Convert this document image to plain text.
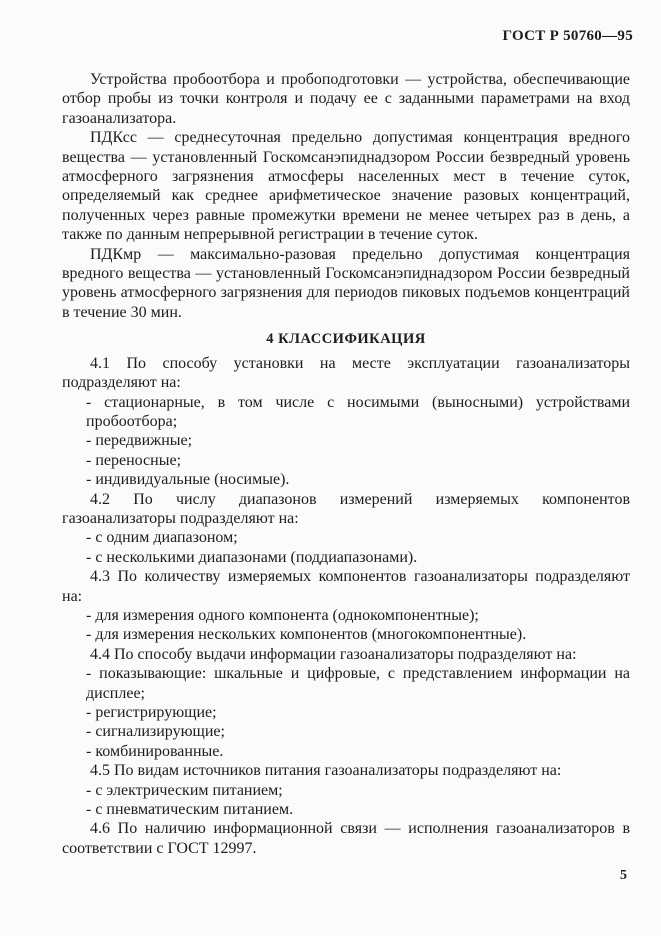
ГОСТ Р 50760—95

Устройства пробоотбора и пробоподготовки — устройства, обеспечивающие отбор пробы из точки контроля и подачу ее с заданными параметрами на вход газоанализатора.

ПДКсс — среднесуточная предельно допустимая концентрация вредного вещества — установленный Госкомсанэпиднадзором России безвредный уровень атмосферного загрязнения атмосферы населенных мест в течение суток, определяемый как среднее арифметическое значение разовых концентраций, полученных через равные промежутки времени не менее четырех раз в день, а также по данным непрерывной регистрации в течение суток.

ПДКмр — максимально-разовая предельно допустимая концентрация вредного вещества — установленный Госкомсанэпиднадзором России безвредный уровень атмосферного загрязнения для периодов пиковых подъемов концентраций в течение 30 мин.

4 КЛАССИФИКАЦИЯ

4.1 По способу установки на месте эксплуатации газоанализаторы подразделяют на:

- стационарные, в том числе с носимыми (выносными) устройствами пробоотбора;

- передвижные;

- переносные;

- индивидуальные (носимые).

4.2 По числу диапазонов измерений измеряемых компонентов газоанализаторы подразделяют на:

- с одним диапазоном;

- с несколькими диапазонами (поддиапазонами).

4.3 По количеству измеряемых компонентов газоанализаторы подразделяют на:

- для измерения одного компонента (однокомпонентные);

- для измерения нескольких компонентов (многокомпонентные).

4.4 По способу выдачи информации газоанализаторы подразделяют на:

- показывающие: шкальные и цифровые, с представлением информации на дисплее;

- регистрирующие;

- сигнализирующие;

- комбинированные.

4.5 По видам источников питания газоанализаторы подразделяют на:

- с электрическим питанием;

- с пневматическим питанием.

4.6 По наличию информационной связи — исполнения газоанализаторов в соответствии с ГОСТ 12997.

5
